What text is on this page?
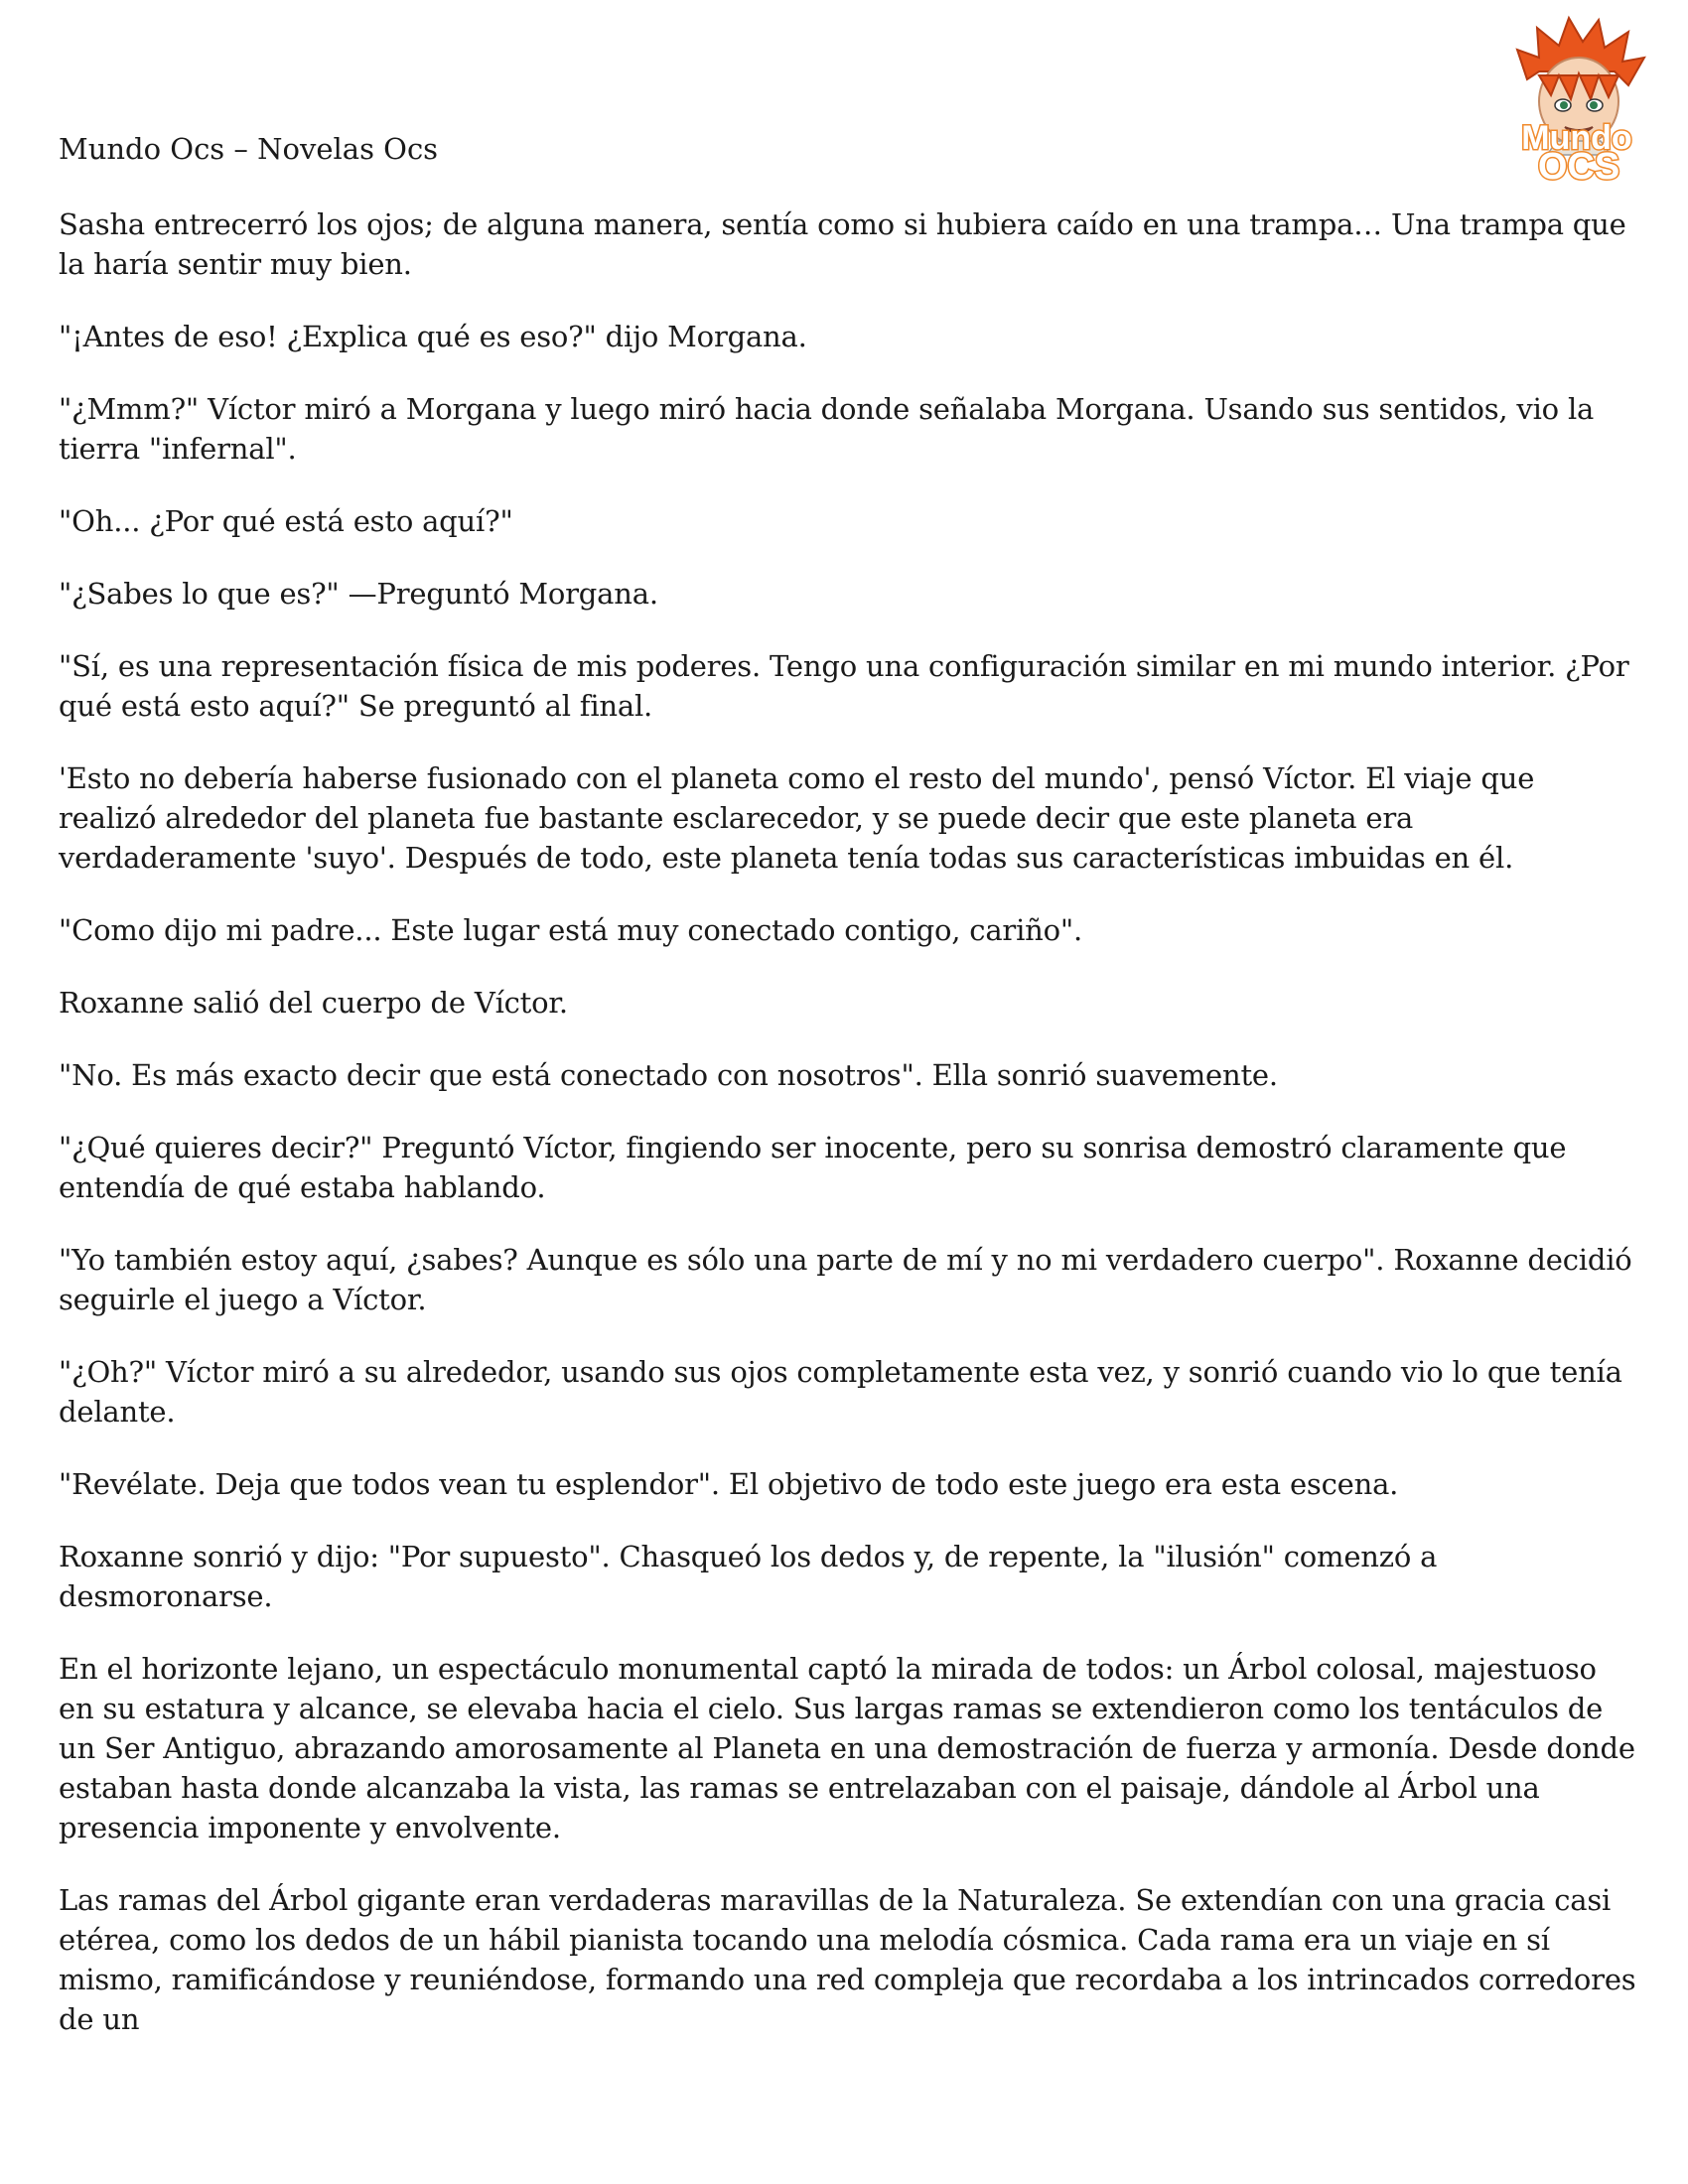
Mundo Ocs – Novelas Ocs	Mundo
OCS

Sasha entrecerró los ojos; de alguna manera, sentía como si hubiera caído en una trampa… Una trampa que la haría sentir muy bien.

"¡Antes de eso! ¿Explica qué es eso?" dijo Morgana.

"¿Mmm?" Víctor miró a Morgana y luego miró hacia donde señalaba Morgana. Usando sus sentidos, vio la tierra "infernal".

"Oh... ¿Por qué está esto aquí?"

"¿Sabes lo que es?" —Preguntó Morgana.

"Sí, es una representación física de mis poderes. Tengo una configuración similar en mi mundo interior. ¿Por qué está esto aquí?" Se preguntó al final.

'Esto no debería haberse fusionado con el planeta como el resto del mundo', pensó Víctor. El viaje que realizó alrededor del planeta fue bastante esclarecedor, y se puede decir que este planeta era verdaderamente 'suyo'. Después de todo, este planeta tenía todas sus características imbuidas en él.

"Como dijo mi padre... Este lugar está muy conectado contigo, cariño".

Roxanne salió del cuerpo de Víctor.

"No. Es más exacto decir que está conectado con nosotros". Ella sonrió suavemente.

"¿Qué quieres decir?" Preguntó Víctor, fingiendo ser inocente, pero su sonrisa demostró claramente que entendía de qué estaba hablando.

"Yo también estoy aquí, ¿sabes? Aunque es sólo una parte de mí y no mi verdadero cuerpo". Roxanne decidió seguirle el juego a Víctor.

"¿Oh?" Víctor miró a su alrededor, usando sus ojos completamente esta vez, y sonrió cuando vio lo que tenía delante.

"Revélate. Deja que todos vean tu esplendor". El objetivo de todo este juego era esta escena.

Roxanne sonrió y dijo: "Por supuesto". Chasqueó los dedos y, de repente, la "ilusión" comenzó a desmoronarse.

En el horizonte lejano, un espectáculo monumental captó la mirada de todos: un Árbol colosal, majestuoso en su estatura y alcance, se elevaba hacia el cielo. Sus largas ramas se extendieron como los tentáculos de un Ser Antiguo, abrazando amorosamente al Planeta en una demostración de fuerza y armonía. Desde donde estaban hasta donde alcanzaba la vista, las ramas se entrelazaban con el paisaje, dándole al Árbol una presencia imponente y envolvente.

Las ramas del Árbol gigante eran verdaderas maravillas de la Naturaleza. Se extendían con una gracia casi etérea, como los dedos de un hábil pianista tocando una melodía cósmica. Cada rama era un viaje en sí mismo, ramificándose y reuniéndose, formando una red compleja que recordaba a los intrincados corredores de un
